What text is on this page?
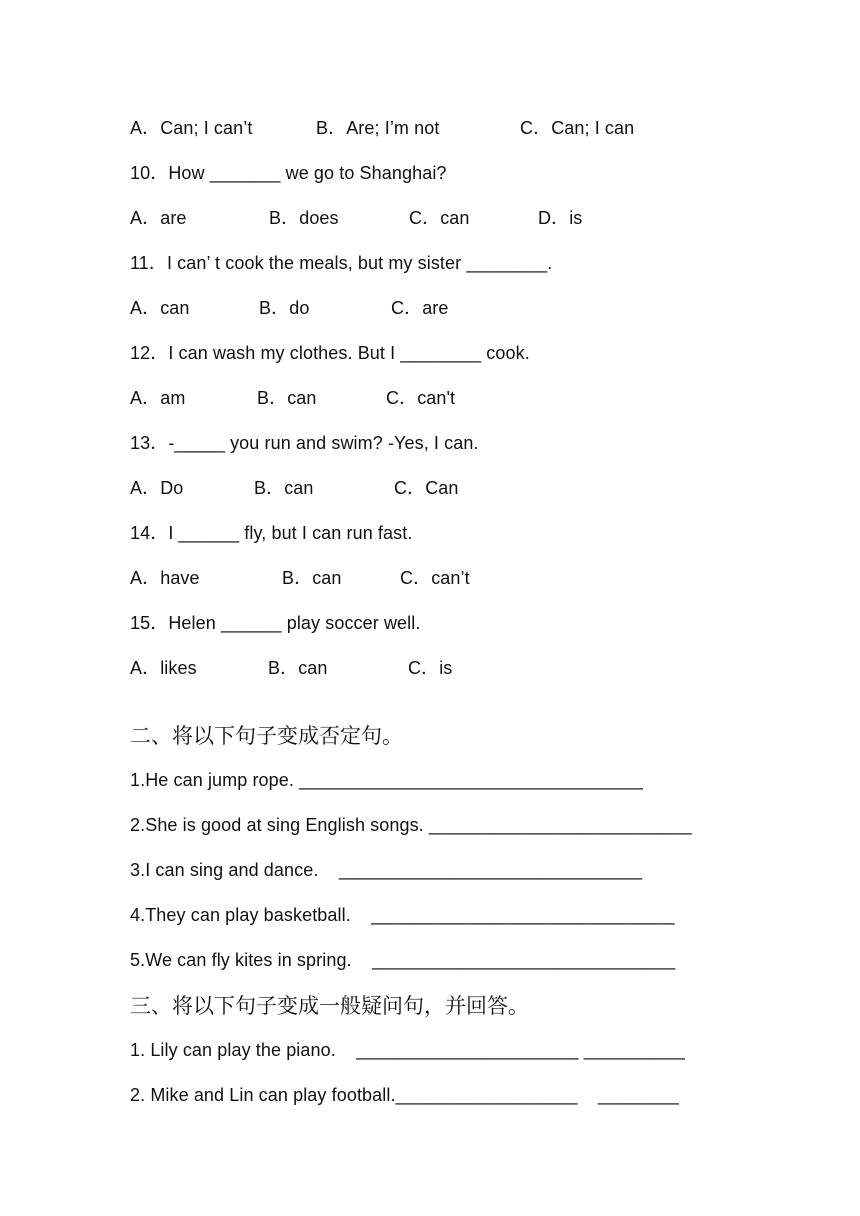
A．Can; I can’t

	B．Are; I’m not

	C．Can; I can

10．How _______ we go to Shanghai?

A．are

	B．does

	C．can

	D．is

11．I can’ t cook the meals, but my sister ________.

A．can

	B．do

	C．are

12．I can wash my clothes. But I ________ cook.

A．am

	B．can

	C．can't

13．-_____ you run and swim? -Yes, I can.

A．Do

	B．can

	C．Can

14．I ______ fly, but I can run fast.

A．have

	B．can

	C．can’t

15．Helen ______ play soccer well.

A．likes

	B．can

	C．is

二、将以下句子变成否定句。
1.He can jump rope. __________________________________
2.She is good at sing English songs. __________________________
3.I can sing and dance.    ______________________________
4.They can play basketball.    ______________________________
5.We can fly kites in spring.    ______________________________
三、将以下句子变成一般疑问句，并回答。
1. Lily can play the piano.    ______________________ __________
2. Mike and Lin can play football.__________________    ________
